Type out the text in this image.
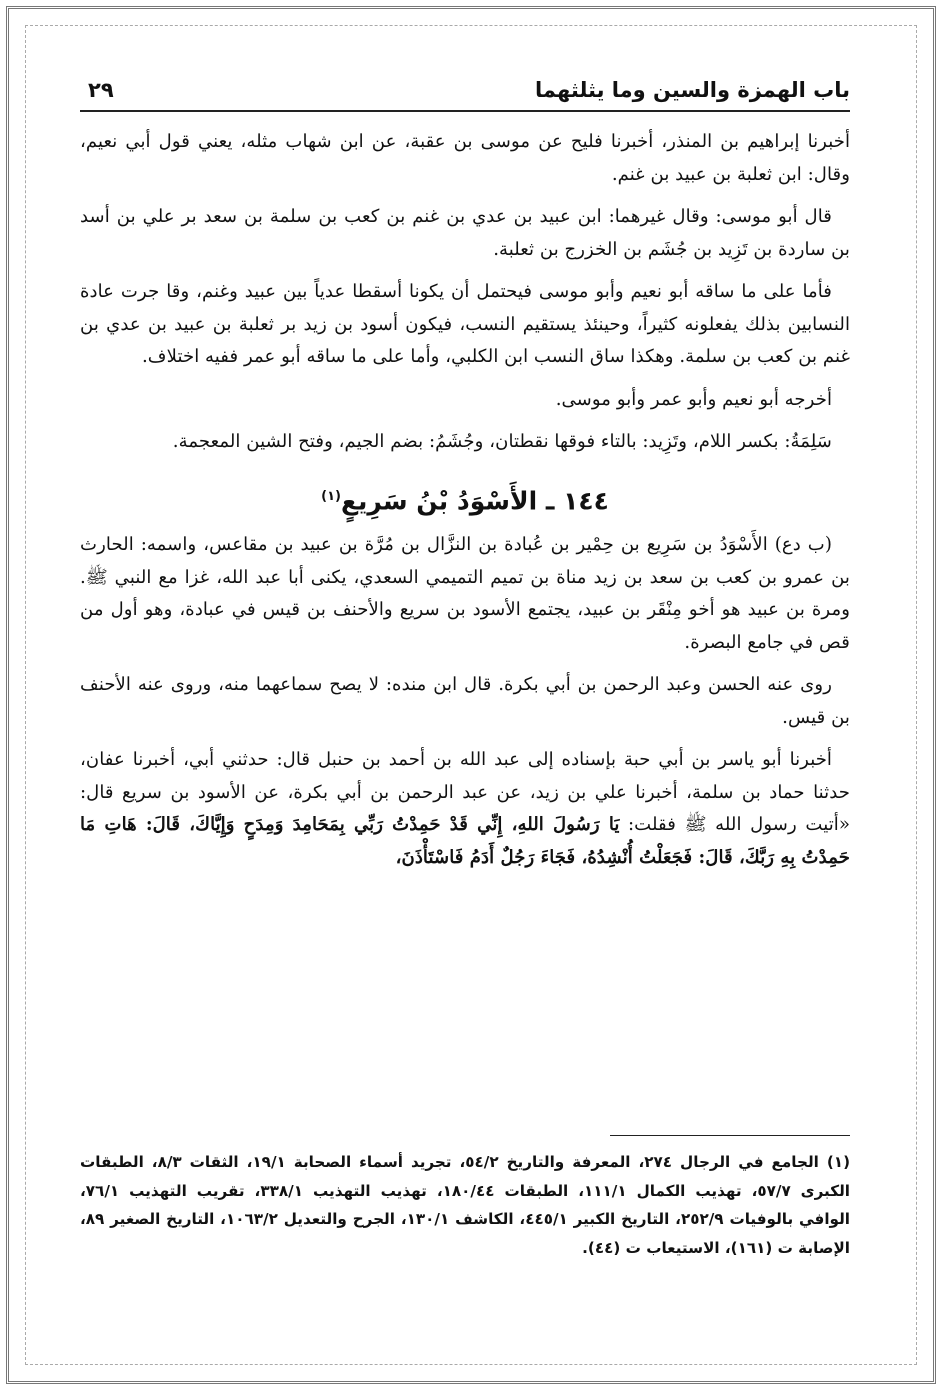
باب الهمزة والسين وما يثلثهما
٢٩

أخبرنا إبراهيم بن المنذر، أخبرنا فليح عن موسى بن عقبة، عن ابن شهاب مثله، يعني قول أبي نعيم، وقال: ابن ثعلبة بن عبيد بن غنم.

قال أبو موسى: وقال غيرهما: ابن عبيد بن عدي بن غنم بن كعب بن سلمة بن سعد بر علي بن أسد بن ساردة بن تَزِيد بن جُشَم بن الخزرج بن ثعلبة.

فأما على ما ساقه أبو نعيم وأبو موسى فيحتمل أن يكونا أسقطا عدياً بين عبيد وغنم، وقا جرت عادة النسابين بذلك يفعلونه كثيراً، وحينئذ يستقيم النسب، فيكون أسود بن زيد بر ثعلبة بن عبيد بن عدي بن غنم بن كعب بن سلمة. وهكذا ساق النسب ابن الكلبي، وأما على ما ساقه أبو عمر ففيه اختلاف.

أخرجه أبو نعيم وأبو عمر وأبو موسى.

سَلِمَةُ: بكسر اللام، وتَزِيد: بالتاء فوقها نقطتان، وجُشَمُ: بضم الجيم، وفتح الشين المعجمة.

١٤٤ ـ الأَسْوَدُ بْنُ سَرِيعٍ$^{(١)}$

(ب دع) الأَسْوَدُ بن سَرِيع بن حِمْير بن عُبادة بن النزَّال بن مُرَّة بن عبيد بن مقاعس، واسمه: الحارث بن عمرو بن كعب بن سعد بن زيد مناة بن تميم التميمي السعدي، يكنى أبا عبد الله، غزا مع النبي ﷺ. ومرة بن عبيد هو أخو مِنْقَر بن عبيد، يجتمع الأسود بن سريع والأحنف بن قيس في عبادة، وهو أول من قص في جامع البصرة.

روى عنه الحسن وعبد الرحمن بن أبي بكرة. قال ابن منده: لا يصح سماعهما منه، وروى عنه الأحنف بن قيس.

أخبرنا أبو ياسر بن أبي حبة بإسناده إلى عبد الله بن أحمد بن حنبل قال: حدثني أبي، أخبرنا عفان، حدثنا حماد بن سلمة، أخبرنا علي بن زيد، عن عبد الرحمن بن أبي بكرة، عن الأسود بن سريع قال: «أتيت رسول الله ﷺ فقلت: يَا رَسُولَ اللهِ، إِنِّي قَدْ حَمِدْتُ رَبِّي بِمَحَامِدَ وَمِدَحٍ وَإِيَّاكَ، قَالَ: هَاتِ مَا حَمِدْتُ بِهِ رَبَّكَ، قَالَ: فَجَعَلْتُ أُنْشِدُهُ، فَجَاءَ رَجُلٌ أَدَمُ فَاسْتَأْذَنَ،

(١) الجامع في الرجال ٢٧٤، المعرفة والتاريخ ٥٤/٢، تجريد أسماء الصحابة ١٩/١، الثقات ٨/٣، الطبقات الكبرى ٥٧/٧، تهذيب الكمال ١١١/١، الطبقات ١٨٠/٤٤، تهذيب التهذيب ٣٣٨/١، تقريب التهذيب ٧٦/١، الوافي بالوفيات ٢٥٢/٩، التاريخ الكبير ٤٤٥/١، الكاشف ١٣٠/١، الجرح والتعديل ١٠٦٣/٢، التاريخ الصغير ٨٩، الإصابة ت (١٦١)، الاستيعاب ت (٤٤).
